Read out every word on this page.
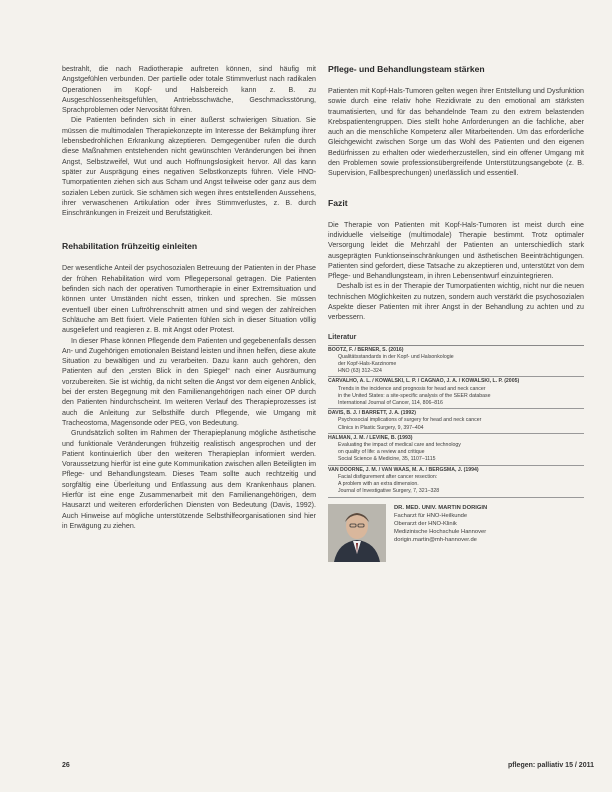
bestrahlt, die nach Radiotherapie auftreten können, sind häufig mit Angstgefühlen verbunden. Der partielle oder totale Stimmverlust nach radikalen Operationen im Kopf- und Halsbereich kann z. B. zu Ausgeschlossenheitsgefühlen, Antriebsschwäche, Geschmacksstörung, Sprachproblemen oder Nervosität führen.

Die Patienten befinden sich in einer äußerst schwierigen Situation. Sie müssen die multimodalen Therapiekonzepte im Interesse der Bekämpfung ihrer lebensbedrohlichen Erkrankung akzeptieren. Demgegenüber rufen die durch diese Maßnahmen entstehenden nicht gewünschten Veränderungen bei ihnen Angst, Selbstzweifel, Wut und auch Hoffnungslosigkeit hervor. All das kann später zur Ausprägung eines negativen Selbstkonzepts führen. Viele HNO-Tumorpatienten ziehen sich aus Scham und Angst teilweise oder ganz aus dem sozialen Leben zurück. Sie schämen sich wegen ihres entstellenden Aussehens, ihrer verwaschenen Artikulation oder ihres Stimmverlustes, z. B. durch Einschränkungen in Freizeit und Berufstätigkeit.

Rehabilitation frühzeitig einleiten

Der wesentliche Anteil der psychosozialen Betreuung der Patienten in der Phase der frühen Rehabilitation wird vom Pflegepersonal getragen. Die Patienten befinden sich nach der operativen Tumortherapie in einer Extremsituation und können unter Umständen nicht essen, trinken und sprechen. Sie müssen eventuell über einen Luftröhrenschnitt atmen und sind wegen der zahlreichen Schläuche am Bett fixiert. Viele Patienten fühlen sich in dieser Situation völlig ausgeliefert und reagieren z. B. mit Angst oder Protest.

In dieser Phase können Pflegende dem Patienten und gegebenenfalls dessen An- und Zugehörigen emotionalen Beistand leisten und ihnen helfen, diese akute Situation zu bewältigen und zu verarbeiten. Dazu kann auch gehören, den Patienten auf den „ersten Blick in den Spiegel“ nach einer Ausräumung vorzubereiten. Sie ist wichtig, da nicht selten die Angst vor dem eigenen Anblick, bei der ersten Begegnung mit den Familienangehörigen nach einer OP durch den Patienten hindurchscheint. Im weiteren Verlauf des Therapieprozesses ist auch die Anleitung zur Selbsthilfe durch Pflegende, wie Umgang mit Tracheostoma, Magensonde oder PEG, von Bedeutung.

Grundsätzlich sollten im Rahmen der Therapieplanung mögliche ästhetische und funktionale Veränderungen frühzeitig realistisch angesprochen und der Patient kontinuierlich über den weiteren Therapieplan informiert werden. Voraussetzung hierfür ist eine gute Kommunikation zwischen allen Beteiligten im Pflege- und Behandlungsteam. Dieses Team sollte auch rechtzeitig und sorgfältig eine Überleitung und Entlassung aus dem Krankenhaus planen. Hierfür ist eine enge Zusammenarbeit mit den Familienangehörigen, dem Hausarzt und weiteren erforderlichen Diensten von Bedeutung (Davis, 1992). Auch Hinweise auf mögliche unterstützende Selbsthilfeorganisationen sind hier in Erwägung zu ziehen.

Pflege- und Behandlungsteam stärken

Patienten mit Kopf-Hals-Tumoren gelten wegen ihrer Entstellung und Dysfunktion sowie durch eine relativ hohe Rezidivrate zu den emotional am stärksten traumatisierten, und für das behandelnde Team zu den extrem belastenden Krebspatientengruppen. Dies stellt hohe Anforderungen an die fachliche, aber auch an die menschliche Kompetenz aller Mitarbeitenden. Um das erforderliche Gleichgewicht zwischen Sorge um das Wohl des Patienten und den eigenen Bedürfnissen zu erhalten oder wiederherzustellen, sind ein offener Umgang mit den Problemen sowie professionsübergreifende Unterstützungsangebote (z. B. Supervision, Fallbesprechungen) unerlässlich und essentiell.

Fazit

Die Therapie von Patienten mit Kopf-Hals-Tumoren ist meist durch eine individuelle vielseitige (multimodale) Therapie bestimmt. Trotz optimaler Versorgung leidet die Mehrzahl der Patienten an unterschiedlich stark ausgeprägten Funktionseinschränkungen und ästhetischen Beeinträchtigungen. Patienten sind gefordert, diese Tatsache zu akzeptieren und, unterstützt von dem Pflege- und Behandlungsteam, in ihren Lebensentwurf einzuintegrieren.

Deshalb ist es in der Therapie der Tumorpatienten wichtig, nicht nur die neuen technischen Möglichkeiten zu nutzen, sondern auch verstärkt die psychosozialen Aspekte dieser Patienten mit ihrer Angst in der Behandlung zu achten und zu verbessern.

Literatur
BOOTZ, F. / BERNER, S. (2016)
Qualitätsstandards in der Kopf- und Halsonkologie
der Kopf-Hals-Karzinome
HNO (63) 312–324
CARVALHO, A. L. / KOWALSKI, L. P. / CAGNAO, J. A. / KOWALSKI, L. P. (2005)
Trends in the incidence and prognosis for head and neck cancer
in the United States: a site-specific analysis of the SEER database
International Journal of Cancer, 114, 806–816
DAVIS, B. J. / BARRETT, J. A. (1992)
Psychosocial implications of surgery for head and neck cancer
Clinics in Plastic Surgery, 9, 397–404
HALMAN, J. M. / LEVINE, B. (1993)
Evaluating the impact of medical care and technology
on quality of life: a review and critique
Social Science & Medicine, 35, 1107–1115
VAN DOORNE, J. M. / VAN WAAS, M. A. / BERGSMA, J. (1994)
Facial disfigurement after cancer resection:
A problem with an extra dimension.
Journal of Investigative Surgery, 7, 321–328
DR. MED. UNIV. MARTIN DORIGIN
Facharzt für HNO-Heilkunde
Oberarzt der HNO-Klinik
Medizinische Hochschule Hannover
dorigin.martin@mh-hannover.de
26	pflegen: palliativ 15 / 2011
